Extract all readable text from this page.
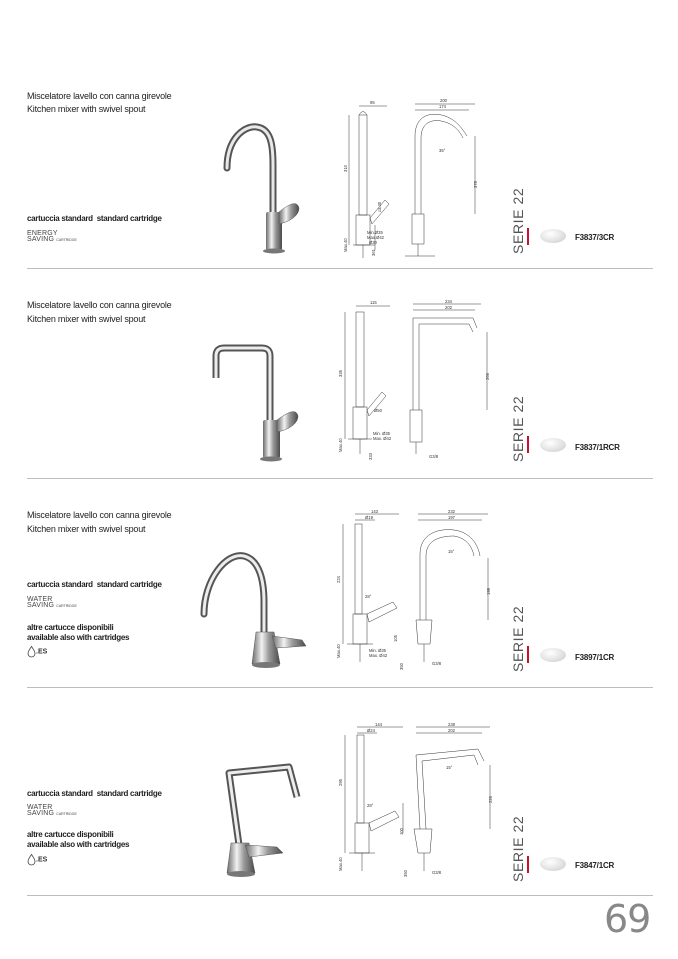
Miscelatore lavello con canna girevole
Kitchen mixer with swivel spout
cartuccia standard standard cartridge
ENERGY
SAVING CARTRIDGE
95
310
Max.40
Min.Ø35
Max.Ø42
Ø30
ca.30
361
200
174
35°
378
SERIE 22	F3837/3CR
Miscelatore lavello con canna girevole
Kitchen mixer with swivel spout
115
335
Max.40
Min. Ø35
Max. Ø42
Ø50
333
234
202
266
G3/8	SERIE 22	F3837/1RCR
Miscelatore lavello con canna girevole
Kitchen mixer with swivel spout
cartuccia standard standard cartridge
WATER
SAVING CARTRIDGE
altre cartucce disponibili
available also with cartridges
.ES
143
Ø19
224
28°
105
Max.40	Min. Ø35
Max. Ø42
350
232
197
15°
199
G3/8	SERIE 22	F3897/1CR
cartuccia standard standard cartridge
WATER
SAVING CARTRIDGE
altre cartucce disponibili
available also with cartridges
.ES
144
Ø24
295
28°
100
Max.40
350
238
202
15°
226
G3/8	SERIE 22	F3847/1CR
69
